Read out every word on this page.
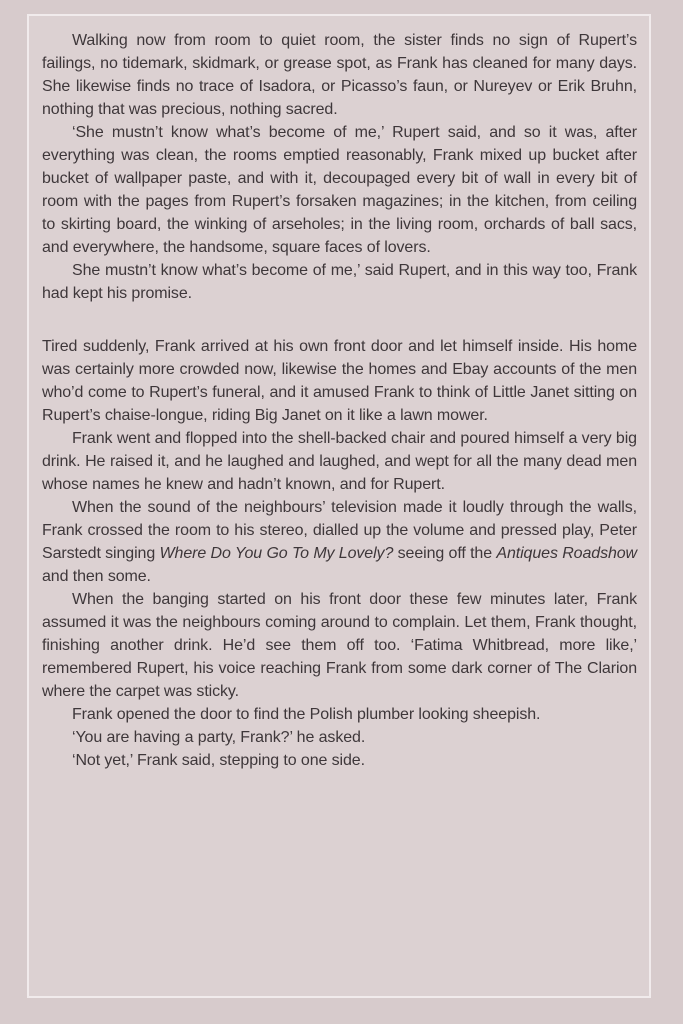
Walking now from room to quiet room, the sister finds no sign of Rupert’s failings, no tidemark, skidmark, or grease spot, as Frank has cleaned for many days. She likewise finds no trace of Isadora, or Picasso’s faun, or Nureyev or Erik Bruhn, nothing that was precious, nothing sacred.

‘She mustn’t know what’s become of me,’ Rupert said, and so it was, after everything was clean, the rooms emptied reasonably, Frank mixed up bucket after bucket of wallpaper paste, and with it, decoupaged every bit of wall in every bit of room with the pages from Rupert’s forsaken magazines; in the kitchen, from ceiling to skirting board, the winking of arseholes; in the living room, orchards of ball sacs, and everywhere, the handsome, square faces of lovers.

She mustn’t know what’s become of me,’ said Rupert, and in this way too, Frank had kept his promise.

Tired suddenly, Frank arrived at his own front door and let himself inside. His home was certainly more crowded now, likewise the homes and Ebay accounts of the men who’d come to Rupert’s funeral, and it amused Frank to think of Little Janet sitting on Rupert’s chaise-longue, riding Big Janet on it like a lawn mower.

Frank went and flopped into the shell-backed chair and poured himself a very big drink. He raised it, and he laughed and laughed, and wept for all the many dead men whose names he knew and hadn’t known, and for Rupert.

When the sound of the neighbours’ television made it loudly through the walls, Frank crossed the room to his stereo, dialled up the volume and pressed play, Peter Sarstedt singing Where Do You Go To My Lovely? seeing off the Antiques Roadshow and then some.

When the banging started on his front door these few minutes later, Frank assumed it was the neighbours coming around to complain. Let them, Frank thought, finishing another drink. He’d see them off too. ‘Fatima Whitbread, more like,’ remembered Rupert, his voice reaching Frank from some dark corner of The Clarion where the carpet was sticky.

Frank opened the door to find the Polish plumber looking sheepish.

‘You are having a party, Frank?’ he asked.

‘Not yet,’ Frank said, stepping to one side.
